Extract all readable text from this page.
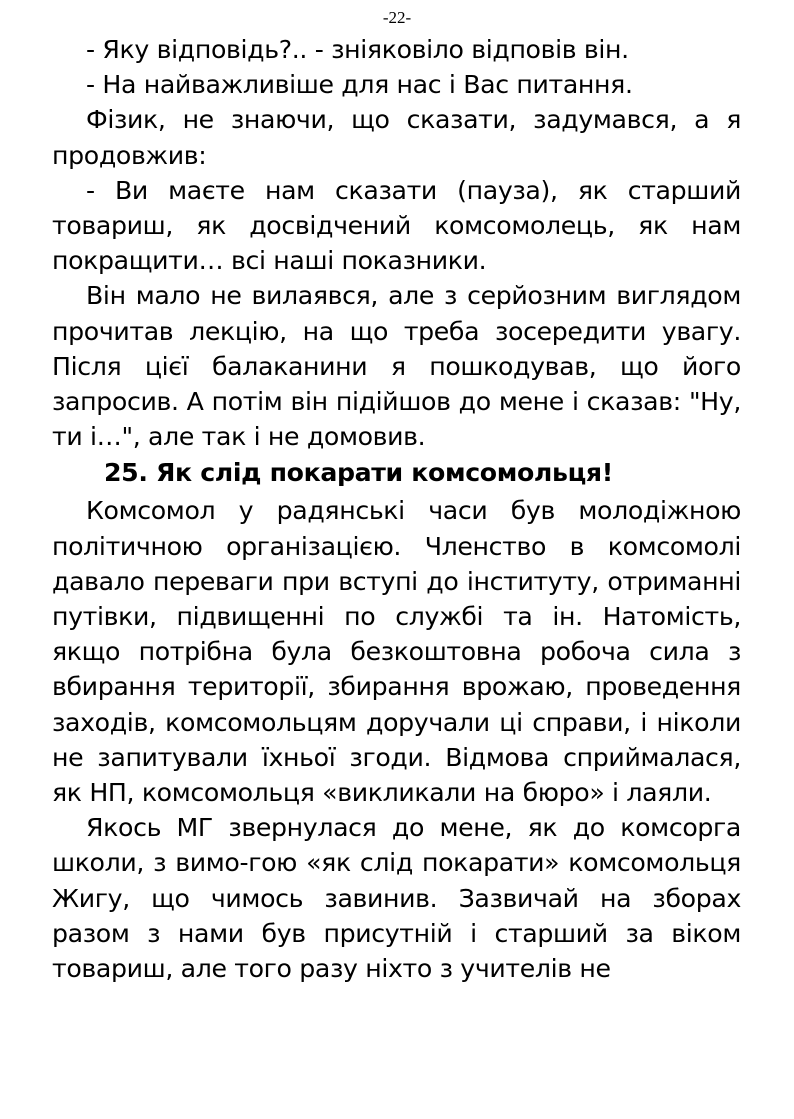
-22-

- Яку відповідь?.. - зніяковіло відповів він.

- На найважливіше для нас і Вас питання.

Фізик, не знаючи, що сказати, задумався, а я продовжив:

- Ви маєте нам сказати (пауза), як старший товариш, як досвідчений комсомолець, як нам покращити… всі наші показники.

Він мало не вилаявся, але з серйозним виглядом прочитав лекцію, на що треба зосередити увагу. Після цієї балаканини я пошкодував, що його запросив. А потім він підійшов до мене і сказав: "Ну, ти і…", але так і не домовив.

25. Як слід покарати комсомольця!

Комсомол у радянські часи був молодіжною політичною організацією. Членство в комсомолі давало переваги при вступі до інституту, отриманні путівки, підвищенні по службі та ін. Натомість, якщо потрібна була безкоштовна робоча сила з вбирання території, збирання врожаю, проведення заходів, комсомольцям доручали ці справи, і ніколи не запитували їхньої згоди. Відмова сприймалася, як НП, комсомольця «викликали на бюро» і лаяли.

Якось МГ звернулася до мене, як до комсорга школи, з вимо-гою «як слід покарати» комсомольця Жигу, що чимось завинив. Зазвичай на зборах разом з нами був присутній і старший за віком товариш, але того разу ніхто з учителів не
